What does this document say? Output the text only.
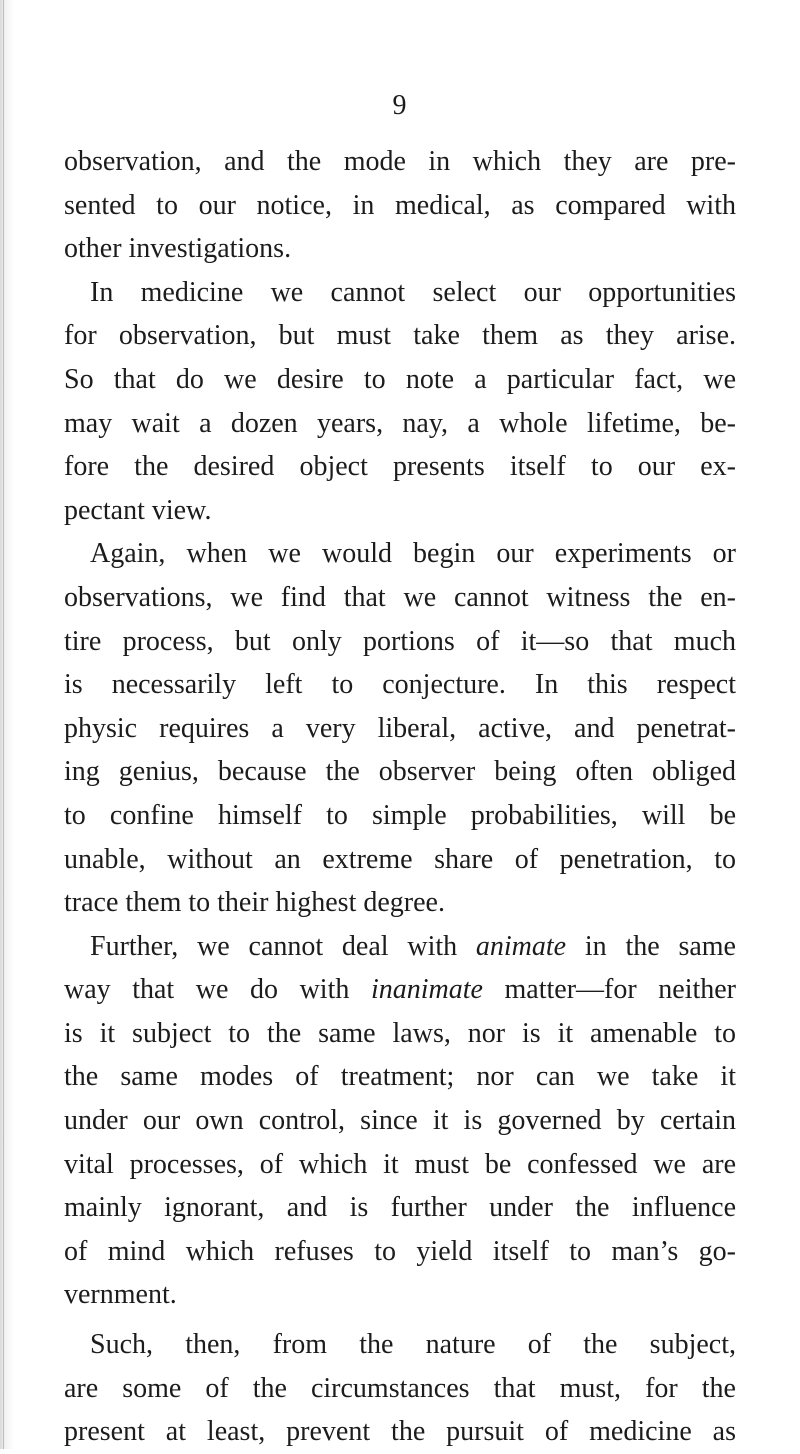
9
observation, and the mode in which they are pre-
sented to our notice, in medical, as compared with
other investigations.
In medicine we cannot select our opportunities
for observation, but must take them as they arise.
So that do we desire to note a particular fact, we
may wait a dozen years, nay, a whole lifetime, be-
fore the desired object presents itself to our ex-
pectant view.
Again, when we would begin our experiments or
observations, we find that we cannot witness the en-
tire process, but only portions of it—so that much
is necessarily left to conjecture. In this respect
physic requires a very liberal, active, and penetrat-
ing genius, because the observer being often obliged
to confine himself to simple probabilities, will be
unable, without an extreme share of penetration, to
trace them to their highest degree.
Further, we cannot deal with animate in the same
way that we do with inanimate matter—for neither
is it subject to the same laws, nor is it amenable to
the same modes of treatment; nor can we take it
under our own control, since it is governed by certain
vital processes, of which it must be confessed we are
mainly ignorant, and is further under the influence
of mind which refuses to yield itself to man’s go-
vernment.
Such, then, from the nature of the subject,
are some of the circumstances that must, for the
present at least, prevent the pursuit of medicine as
